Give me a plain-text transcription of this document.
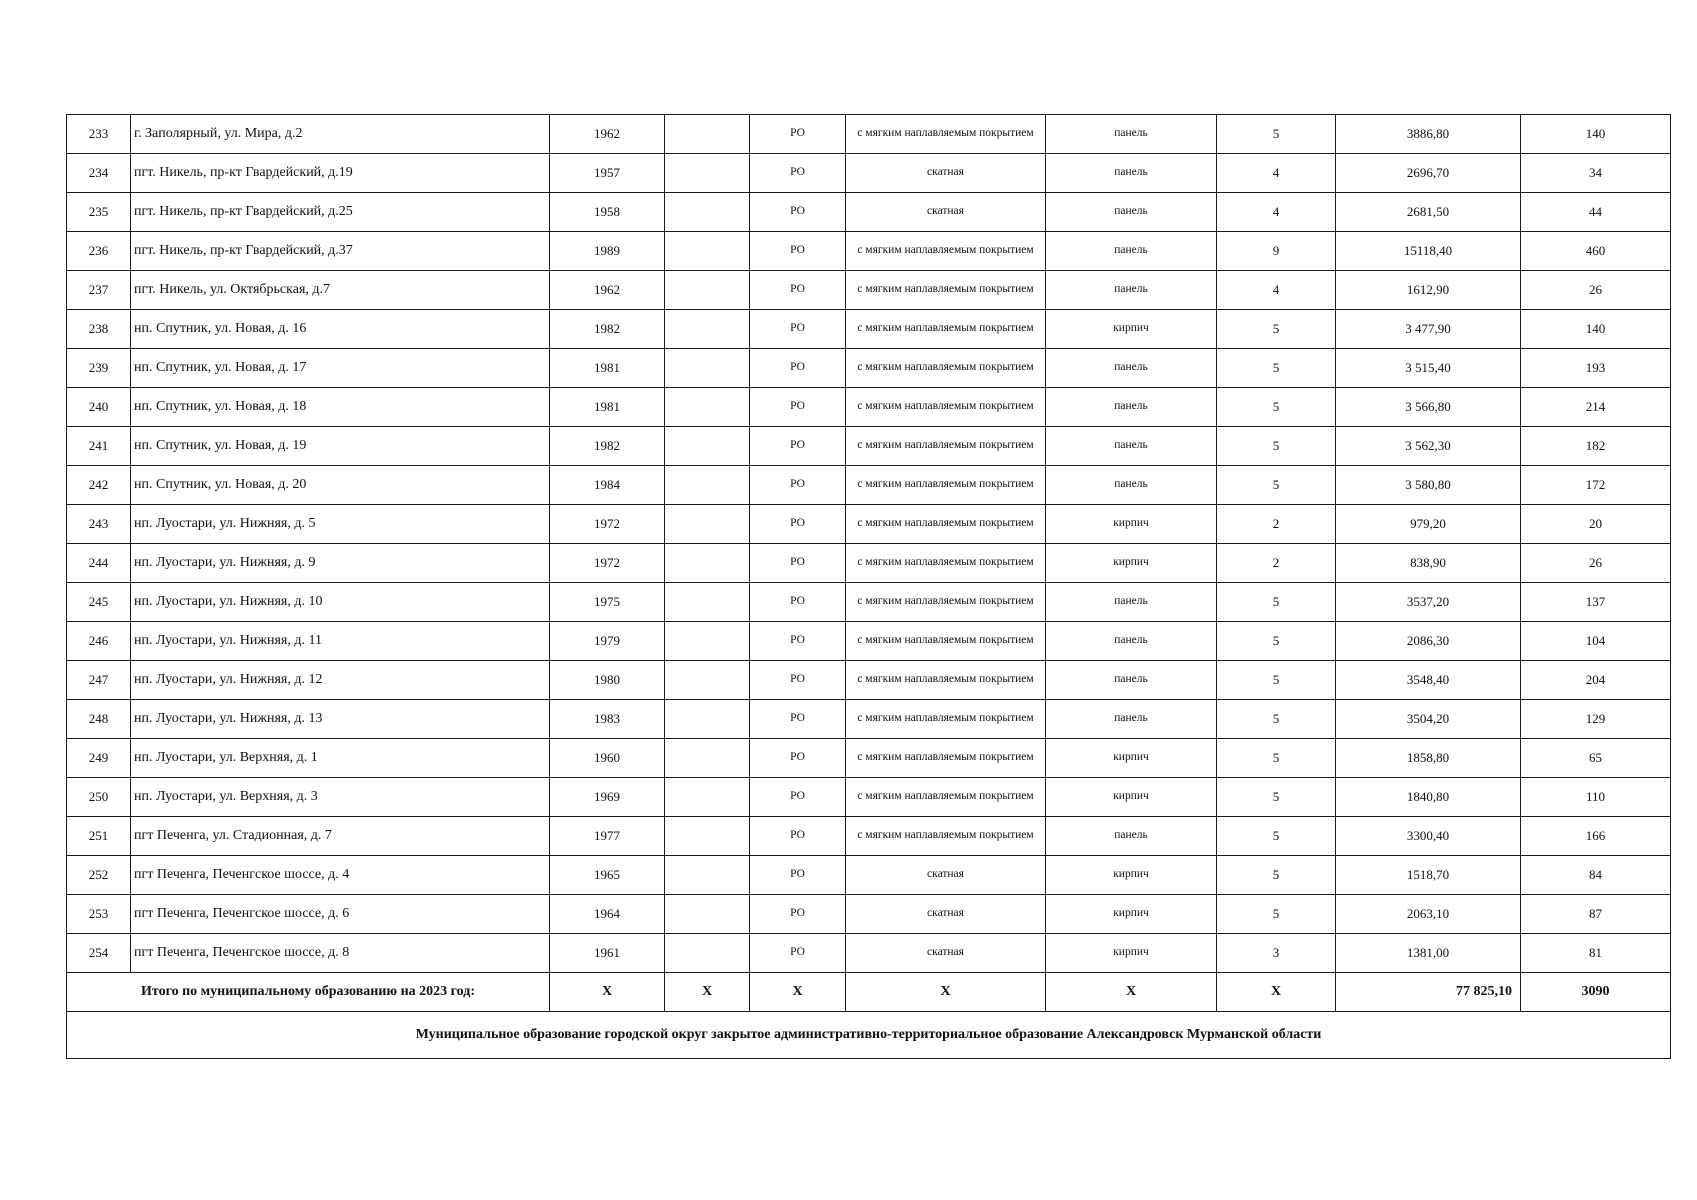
233	г. Заполярный, ул. Мира, д.2	1962		РО	с мягким наплавляемым покрытием	панель	5	3886,80	140
234	пгт. Никель, пр-кт Гвардейский, д.19	1957		РО	скатная	панель	4	2696,70	34
235	пгт. Никель, пр-кт Гвардейский, д.25	1958		РО	скатная	панель	4	2681,50	44
236	пгт. Никель, пр-кт Гвардейский, д.37	1989		РО	с мягким наплавляемым покрытием	панель	9	15118,40	460
237	пгт. Никель, ул. Октябрьская, д.7	1962		РО	с мягким наплавляемым покрытием	панель	4	1612,90	26
238	нп. Спутник, ул. Новая, д. 16	1982		РО	с мягким наплавляемым покрытием	кирпич	5	3 477,90	140
239	нп. Спутник, ул. Новая, д. 17	1981		РО	с мягким наплавляемым покрытием	панель	5	3 515,40	193
240	нп. Спутник, ул. Новая, д. 18	1981		РО	с мягким наплавляемым покрытием	панель	5	3 566,80	214
241	нп. Спутник, ул. Новая, д. 19	1982		РО	с мягким наплавляемым покрытием	панель	5	3 562,30	182
242	нп. Спутник, ул. Новая, д. 20	1984		РО	с мягким наплавляемым покрытием	панель	5	3 580,80	172
243	нп. Луостари, ул. Нижняя, д. 5	1972		РО	с мягким наплавляемым покрытием	кирпич	2	979,20	20
244	нп. Луостари, ул. Нижняя, д. 9	1972		РО	с мягким наплавляемым покрытием	кирпич	2	838,90	26
245	нп. Луостари, ул. Нижняя, д. 10	1975		РО	с мягким наплавляемым покрытием	панель	5	3537,20	137
246	нп. Луостари, ул. Нижняя, д. 11	1979		РО	с мягким наплавляемым покрытием	панель	5	2086,30	104
247	нп. Луостари, ул. Нижняя, д. 12	1980		РО	с мягким наплавляемым покрытием	панель	5	3548,40	204
248	нп. Луостари, ул. Нижняя, д. 13	1983		РО	с мягким наплавляемым покрытием	панель	5	3504,20	129
249	нп. Луостари, ул. Верхняя, д. 1	1960		РО	с мягким наплавляемым покрытием	кирпич	5	1858,80	65
250	нп. Луостари, ул. Верхняя, д. 3	1969		РО	с мягким наплавляемым покрытием	кирпич	5	1840,80	110
251	пгт Печенга, ул. Стадионная, д. 7	1977		РО	с мягким наплавляемым покрытием	панель	5	3300,40	166
252	пгт Печенга, Печенгское шоссе, д. 4	1965		РО	скатная	кирпич	5	1518,70	84
253	пгт Печенга, Печенгское шоссе, д. 6	1964		РО	скатная	кирпич	5	2063,10	87
254	пгт Печенга, Печенгское шоссе, д. 8	1961		РО	скатная	кирпич	3	1381,00	81
Итого по муниципальному образованию на 2023 год:		X	X	X	X	X	X	77 825,10	3090
Муниципальное образование городской округ закрытое административно-территориальное образование Александровск Мурманской области									
